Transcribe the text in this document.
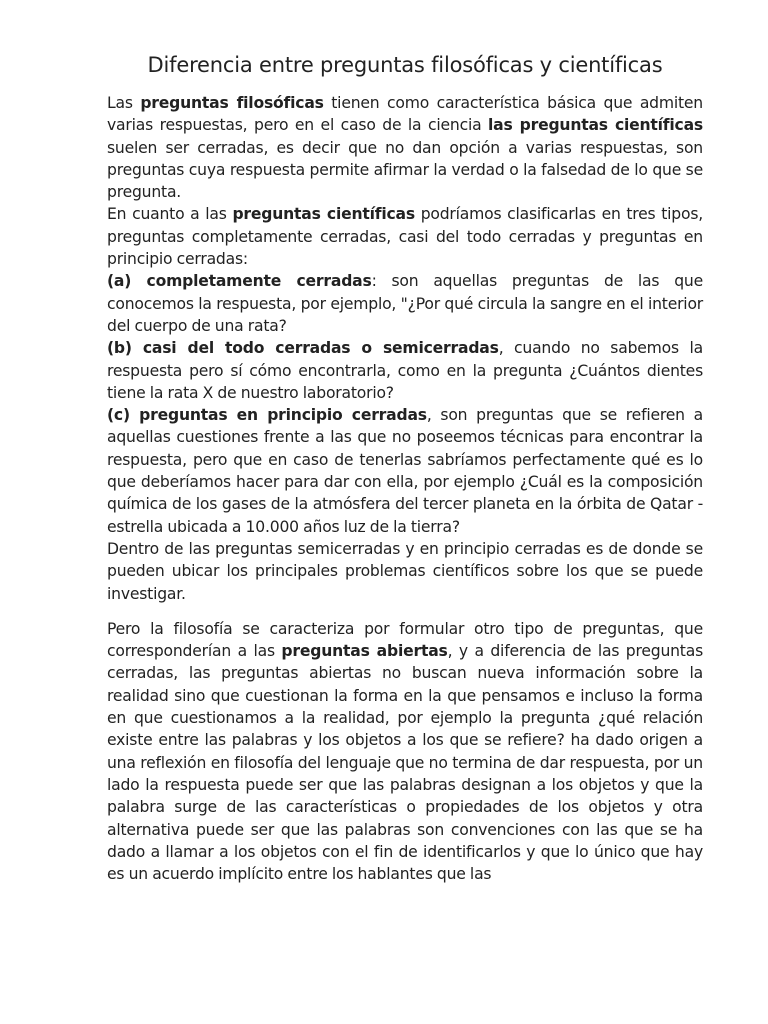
Diferencia entre preguntas filosóficas y científicas

Las preguntas filosóficas tienen como característica básica que admiten varias respuestas, pero en el caso de la ciencia las preguntas científicas suelen ser cerradas, es decir que no dan opción a varias respuestas, son preguntas cuya respuesta permite afirmar la verdad o la falsedad de lo que se pregunta.

En cuanto a las preguntas científicas podríamos clasificarlas en tres tipos, preguntas completamente cerradas, casi del todo cerradas y preguntas en principio cerradas:

(a) completamente cerradas: son aquellas preguntas de las que conocemos la respuesta, por ejemplo, "¿Por qué circula la sangre en el interior del cuerpo de una rata?

(b) casi del todo cerradas o semicerradas, cuando no sabemos la respuesta pero sí cómo encontrarla, como en la pregunta ¿Cuántos dientes tiene la rata X de nuestro laboratorio?

(c) preguntas en principio cerradas, son preguntas que se refieren a aquellas cuestiones frente a las que no poseemos técnicas para encontrar la respuesta, pero que en caso de tenerlas sabríamos perfectamente qué es lo que deberíamos hacer para dar con ella, por ejemplo ¿Cuál es la composición química de los gases de la atmósfera del tercer planeta en la órbita de Qatar -estrella ubicada a 10.000 años luz de la tierra?

Dentro de las preguntas semicerradas y en principio cerradas es de donde se pueden ubicar los principales problemas científicos sobre los que se puede investigar.

Pero la filosofía se caracteriza por formular otro tipo de preguntas, que corresponderían a las preguntas abiertas, y a diferencia de las preguntas cerradas, las preguntas abiertas no buscan nueva información sobre la realidad sino que cuestionan la forma en la que pensamos e incluso la forma en que cuestionamos a la realidad, por ejemplo la pregunta ¿qué relación existe entre las palabras y los objetos a los que se refiere? ha dado origen a una reflexión en filosofía del lenguaje que no termina de dar respuesta, por un lado la respuesta puede ser que las palabras designan a los objetos y que la palabra surge de las características o propiedades de los objetos y otra alternativa puede ser que las palabras son convenciones con las que se ha dado a llamar a los objetos con el fin de identificarlos y que lo único que hay es un acuerdo implícito entre los hablantes que las
